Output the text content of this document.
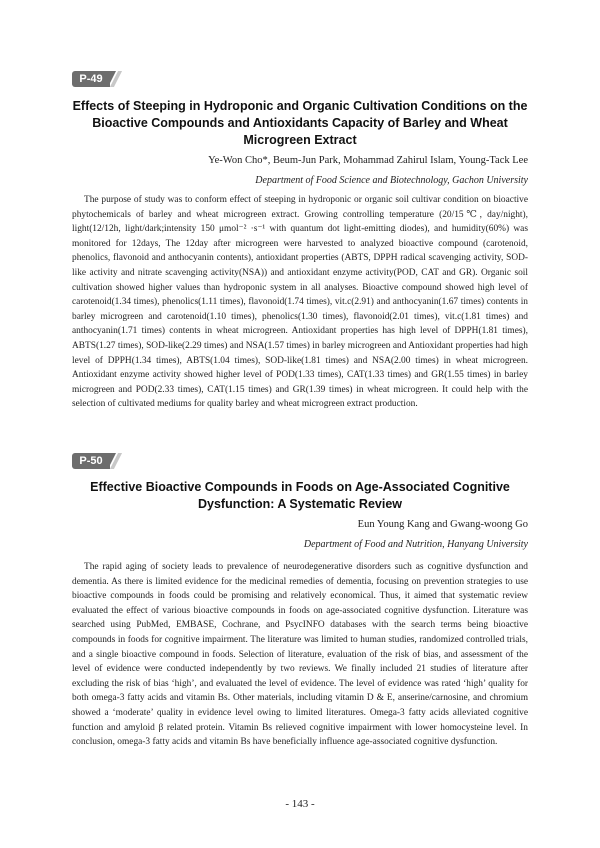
P-49
Effects of Steeping in Hydroponic and Organic Cultivation Conditions on the Bioactive Compounds and Antioxidants Capacity of Barley and Wheat Microgreen Extract
Ye-Won Cho*, Beum-Jun Park, Mohammad Zahirul Islam, Young-Tack Lee
Department of Food Science and Biotechnology, Gachon University
The purpose of study was to conform effect of steeping in hydroponic or organic soil cultivar condition on bioactive phytochemicals of barley and wheat microgreen extract. Growing controlling temperature (20/15℃, day/night), light(12/12h, light/dark;intensity 150 μmol⁻² ·s⁻¹ with quantum dot light-emitting diodes), and humidity(60%) was monitored for 12days, The 12day after microgreen were harvested to analyzed bioactive compound (carotenoid, phenolics, flavonoid and anthocyanin contents), antioxidant properties (ABTS, DPPH radical scavenging activity, SOD-like activity and nitrate scavenging activity(NSA)) and antioxidant enzyme activity(POD, CAT and GR). Organic soil cultivation showed higher values than hydroponic system in all analyses. Bioactive compound showed high level of carotenoid(1.34 times), phenolics(1.11 times), flavonoid(1.74 times), vit.c(2.91) and anthocyanin(1.67 times) contents in barley microgreen and carotenoid(1.10 times), phenolics(1.30 times), flavonoid(2.01 times), vit.c(1.81 times) and anthocyanin(1.71 times) contents in wheat microgreen. Antioxidant properties has high level of DPPH(1.81 times), ABTS(1.27 times), SOD-like(2.29 times) and NSA(1.57 times) in barley microgreen and Antioxidant properties had high level of DPPH(1.34 times), ABTS(1.04 times), SOD-like(1.81 times) and NSA(2.00 times) in wheat microgreen. Antioxidant enzyme activity showed higher level of POD(1.33 times), CAT(1.33 times) and GR(1.55 times) in barley microgreen and POD(2.33 times), CAT(1.15 times) and GR(1.39 times) in wheat microgreen. It could help with the selection of cultivated mediums for quality barley and wheat microgreen extract production.
P-50
Effective Bioactive Compounds in Foods on Age-Associated Cognitive Dysfunction: A Systematic Review
Eun Young Kang and Gwang-woong Go
Department of Food and Nutrition, Hanyang University
The rapid aging of society leads to prevalence of neurodegenerative disorders such as cognitive dysfunction and dementia. As there is limited evidence for the medicinal remedies of dementia, focusing on prevention strategies to use bioactive compounds in foods could be promising and relatively economical. Thus, it aimed that systematic review evaluated the effect of various bioactive compounds in foods on age-associated cognitive dysfunction. Literature was searched using PubMed, EMBASE, Cochrane, and PsycINFO databases with the search terms being bioactive compounds in foods for cognitive impairment. The literature was limited to human studies, randomized controlled trials, and a single bioactive compound in foods. Selection of literature, evaluation of the risk of bias, and assessment of the level of evidence were conducted independently by two reviews. We finally included 21 studies of literature after excluding the risk of bias ‘high’, and evaluated the level of evidence. The level of evidence was rated ‘high’ quality for both omega-3 fatty acids and vitamin Bs. Other materials, including vitamin D & E, anserine/carnosine, and chromium showed a ‘moderate’ quality in evidence level owing to limited literatures. Omega-3 fatty acids alleviated cognitive function and amyloid β related protein. Vitamin Bs relieved cognitive impairment with lower homocysteine level. In conclusion, omega-3 fatty acids and vitamin Bs have beneficially influence age-associated cognitive dysfunction.
- 143 -
